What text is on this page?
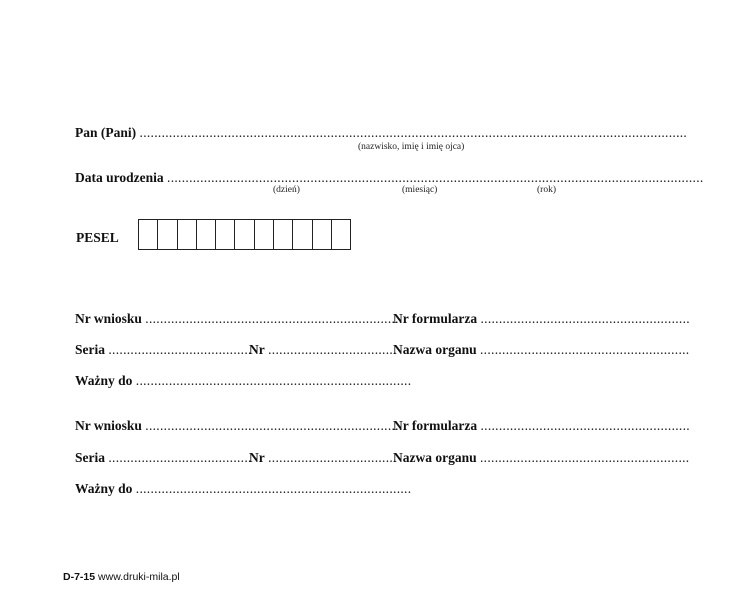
Pan (Pani) .....................................................................................................................................................
(nazwisko, imię i imię ojca)
Data urodzenia ..................................................................................................................................................
(dzień)	(miesiąc)	(rok)
PESEL
Nr wniosku ......................................................................
Nr formularza .........................................................
Seria .......................................
Nr ...................................
Nazwa organu .........................................................
Ważny do ...........................................................................
Nr wniosku ......................................................................
Nr formularza .........................................................
Seria .......................................
Nr ...................................
Nazwa organu .........................................................
Ważny do ...........................................................................
D-7-15 www.druki-mila.pl
